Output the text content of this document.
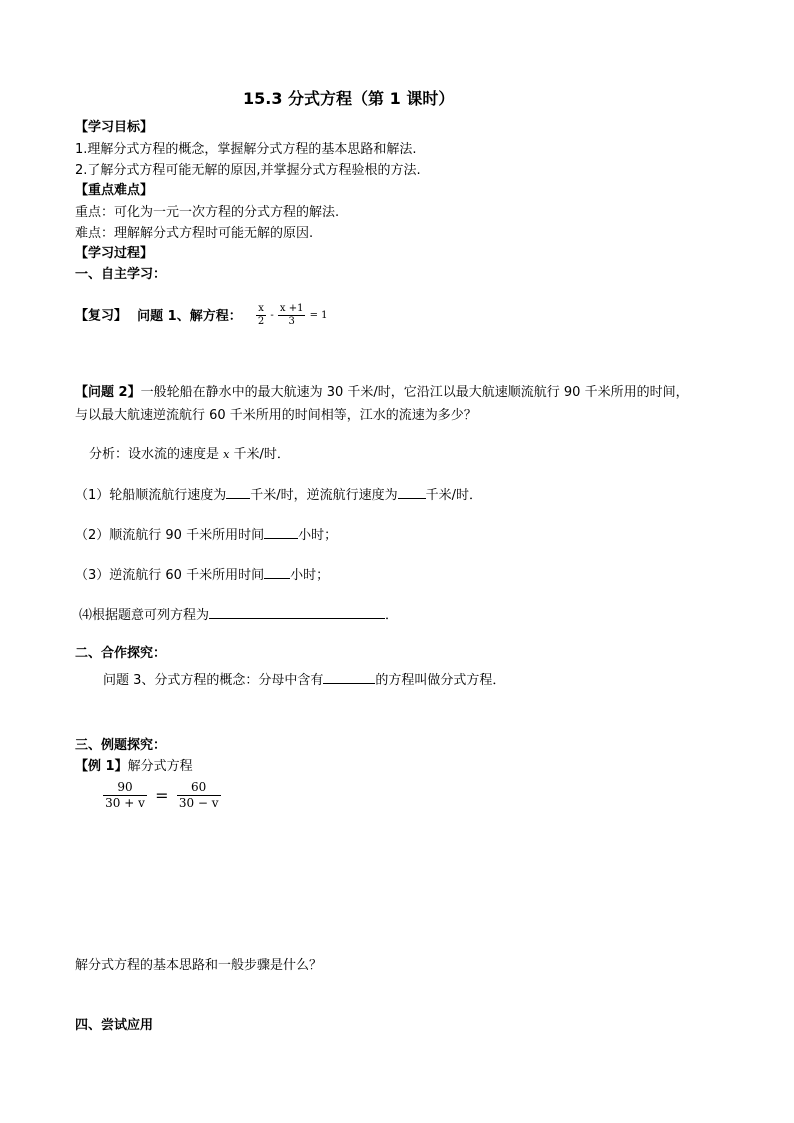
15.3 分式方程（第 1 课时）
【学习目标】
1.理解分式方程的概念，掌握解分式方程的基本思路和解法.
2.了解分式方程可能无解的原因,并掌握分式方程验根的方法.
【重点难点】
重点：可化为一元一次方程的分式方程的解法.
难点：理解解分式方程时可能无解的原因.
【学习过程】
一、自主学习：
【复习】 问题 1、解方程： $\frac{x}{2} - \frac{x +1}{3} = 1$
【问题 2】一般轮船在静水中的最大航速为 30 千米/时，它沿江以最大航速顺流航行 90 千米所用的时间，
与以最大航速逆流航行 60 千米所用的时间相等，江水的流速为多少？
分析：设水流的速度是 x 千米/时．
（1）轮船顺流航行速度为 千米/时，逆流航行速度为 千米/时．
（2）顺流航行 90 千米所用时间	小时；
（3）逆流航行 60 千米所用时间 小时；
⑷根据题意可列方程为	．
二、合作探究：
问题 3、分式方程的概念：分母中含有	的方程叫做分式方程．
三、例题探究：
【例 1】解分式方程
$\frac{90}{30 + v} = \frac{60}{30 - v}$
解分式方程的基本思路和一般步骤是什么？
四、尝试应用
